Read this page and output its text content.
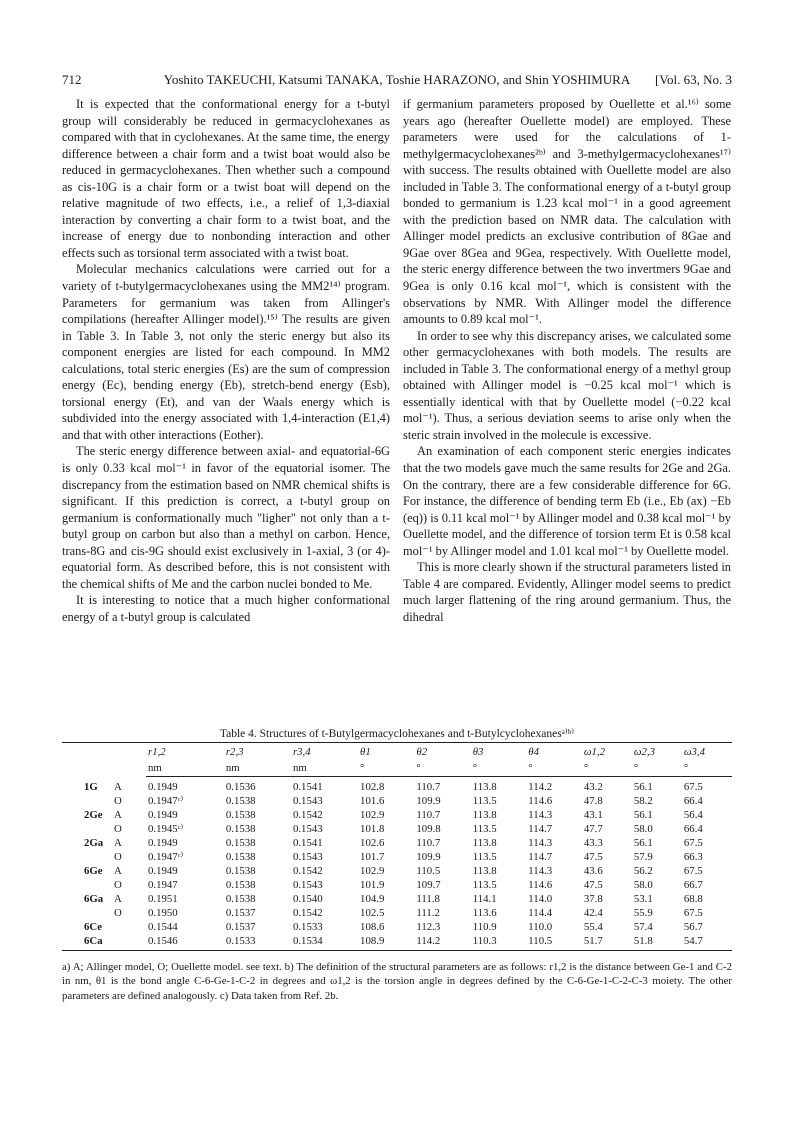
712	Yoshito TAKEUCHI, Katsumi TANAKA, Toshie HARAZONO, and Shin YOSHIMURA	[Vol. 63, No. 3

It is expected that the conformational energy for a t-butyl group will considerably be reduced in germacyclohexanes as compared with that in cyclohexanes. At the same time, the energy difference between a chair form and a twist boat would also be reduced in germacyclohexanes. Then whether such a compound as cis-10G is a chair form or a twist boat will depend on the relative magnitude of two effects, i.e., a relief of 1,3-diaxial interaction by converting a chair form to a twist boat, and the increase of energy due to nonbonding interaction and other effects such as torsional term associated with a twist boat.

Molecular mechanics calculations were carried out for a variety of t-butylgermacyclohexanes using the MM2¹⁴⁾ program. Parameters for germanium was taken from Allinger's compilations (hereafter Allinger model).¹⁵⁾ The results are given in Table 3. In Table 3, not only the steric energy but also its component energies are listed for each compound. In MM2 calculations, total steric energies (Es) are the sum of compression energy (Ec), bending energy (Eb), stretch-bend energy (Esb), torsional energy (Et), and van der Waals energy which is subdivided into the energy associated with 1,4-interaction (E1,4) and that with other interactions (Eother).

The steric energy difference between axial- and equatorial-6G is only 0.33 kcal mol⁻¹ in favor of the equatorial isomer. The discrepancy from the estimation based on NMR chemical shifts is significant. If this prediction is correct, a t-butyl group on germanium is conformationally much "ligher" not only than a t-butyl group on carbon but also than a methyl on carbon. Hence, trans-8G and cis-9G should exist exclusively in 1-axial, 3 (or 4)- equatorial form. As described before, this is not consistent with the chemical shifts of Me and the carbon nuclei bonded to Me.

It is interesting to notice that a much higher conformational energy of a t-butyl group is calculated

if germanium parameters proposed by Ouellette et al.¹⁶⁾ some years ago (hereafter Ouellette model) are employed. These parameters were used for the calculations of 1-methylgermacyclohexanes²ᵇ⁾ and 3-methylgermacyclohexanes¹⁷⁾ with success. The results obtained with Ouellette model are also included in Table 3. The conformational energy of a t-butyl group bonded to germanium is 1.23 kcal mol⁻¹ in a good agreement with the prediction based on NMR data. The calculation with Allinger model predicts an exclusive contribution of 8Gae and 9Gae over 8Gea and 9Gea, respectively. With Ouellette model, the steric energy difference between the two invertmers 9Gae and 9Gea is only 0.16 kcal mol⁻¹, which is consistent with the observations by NMR. With Allinger model the difference amounts to 0.89 kcal mol⁻¹.

In order to see why this discrepancy arises, we calculated some other germacyclohexanes with both models. The results are included in Table 3. The conformational energy of a methyl group obtained with Allinger model is −0.25 kcal mol⁻¹ which is essentially identical with that by Ouellette model (−0.22 kcal mol⁻¹). Thus, a serious deviation seems to arise only when the steric strain involved in the molecule is excessive.

An examination of each component steric energies indicates that the two models gave much the same results for 2Ge and 2Ga. On the contrary, there are a few considerable difference for 6G. For instance, the difference of bending term Eb (i.e., Eb (ax) −Eb (eq)) is 0.11 kcal mol⁻¹ by Allinger model and 0.38 kcal mol⁻¹ by Ouellette model, and the difference of torsion term Et is 0.58 kcal mol⁻¹ by Allinger model and 1.01 kcal mol⁻¹ by Ouellette model.

This is more clearly shown if the structural parameters listed in Table 4 are compared. Evidently, Allinger model seems to predict much larger flattening of the ring around germanium. Thus, the dihedral

Table 4. Structures of t-Butylgermacyclohexanes and t-Butylcyclohexanesᵃ⁾ᵇ⁾
		r1,2	r2,3	r3,4	θ1	θ2	θ3	θ4	ω1,2	ω2,3	ω3,4
		nm	nm	nm	°	°	°	°	°	°	°
1G	A	0.1949	0.1536	0.1541	102.8	110.7	113.8	114.2	43.2	56.1	67.5
	O	0.1947ᶜ⁾	0.1538	0.1543	101.6	109.9	113.5	114.6	47.8	58.2	66.4
2Ge	A	0.1949	0.1538	0.1542	102.9	110.7	113.8	114.3	43.1	56.1	56.4
	O	0.1945ᶜ⁾	0.1538	0.1543	101.8	109.8	113.5	114.7	47.7	58.0	66.4
2Ga	A	0.1949	0.1538	0.1541	102.6	110.7	113.8	114.3	43.3	56.1	67.5
	O	0.1947ᶜ⁾	0.1538	0.1543	101.7	109.9	113.5	114.7	47.5	57.9	66.3
6Ge	A	0.1949	0.1538	0.1542	102.9	110.5	113.8	114.3	43.6	56.2	67.5
	O	0.1947	0.1538	0.1543	101.9	109.7	113.5	114.6	47.5	58.0	66.7
6Ga	A	0.1951	0.1538	0.1540	104.9	111.8	114.1	114.0	37.8	53.1	68.8
	O	0.1950	0.1537	0.1542	102.5	111.2	113.6	114.4	42.4	55.9	67.5
6Ce		0.1544	0.1537	0.1533	108.6	112.3	110.9	110.0	55.4	57.4	56.7
6Ca		0.1546	0.1533	0.1534	108.9	114.2	110.3	110.5	51.7	51.8	54.7
a) A; Allinger model, O; Ouellette model. see text. b) The definition of the structural parameters are as follows: r1,2 is the distance between Ge-1 and C-2 in nm, θ1 is the bond angle C-6-Ge-1-C-2 in degrees and ω1,2 is the torsion angle in degrees defined by the C-6-Ge-1-C-2-C-3 moiety. The other parameters are defined analogously. c) Data taken from Ref. 2b.
